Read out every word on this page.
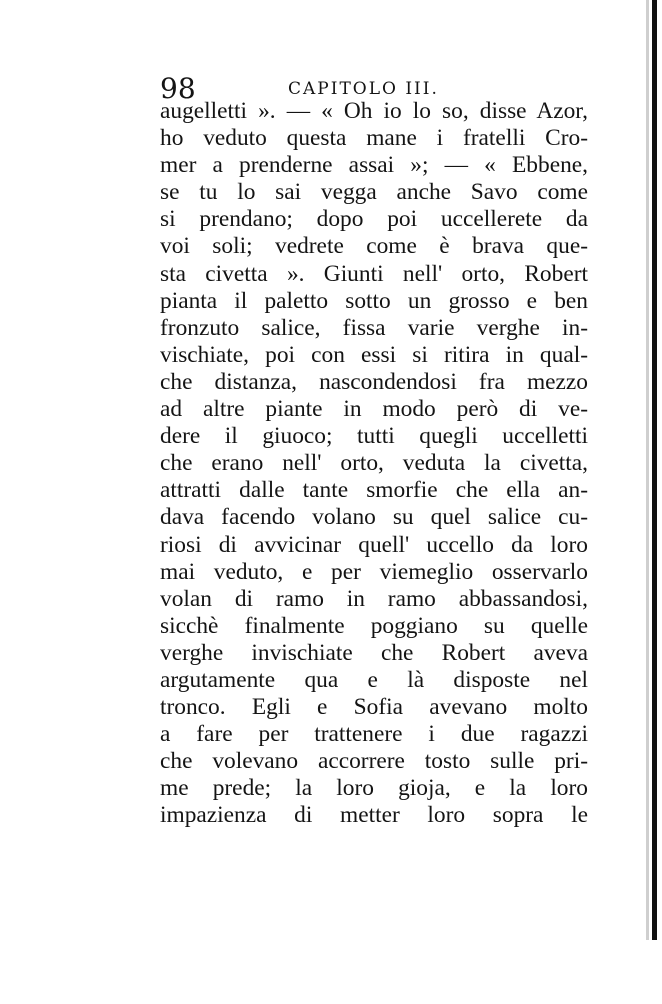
98	CAPITOLO III.
augelletti ». — « Oh io lo so, disse Azor,
ho veduto questa mane i fratelli Cro-
mer a prenderne assai »; — « Ebbene,
se tu lo sai vegga anche Savo come
si prendano; dopo poi uccellerete da
voi soli; vedrete come è brava que-
sta civetta ». Giunti nell' orto, Robert
pianta il paletto sotto un grosso e ben
fronzuto salice, fissa varie verghe in-
vischiate, poi con essi si ritira in qual-
che distanza, nascondendosi fra mezzo
ad altre piante in modo però di ve-
dere il giuoco; tutti quegli uccelletti
che erano nell' orto, veduta la civetta,
attratti dalle tante smorfie che ella an-
dava facendo volano su quel salice cu-
riosi di avvicinar quell' uccello da loro
mai veduto, e per viemeglio osservarlo
volan di ramo in ramo abbassandosi,
sicchè finalmente poggiano su quelle
verghe invischiate che Robert aveva
argutamente qua e là disposte nel
tronco. Egli e Sofia avevano molto
a fare per trattenere i due ragazzi
che volevano accorrere tosto sulle pri-
me prede; la loro gioja, e la loro
impazienza di metter loro sopra le
